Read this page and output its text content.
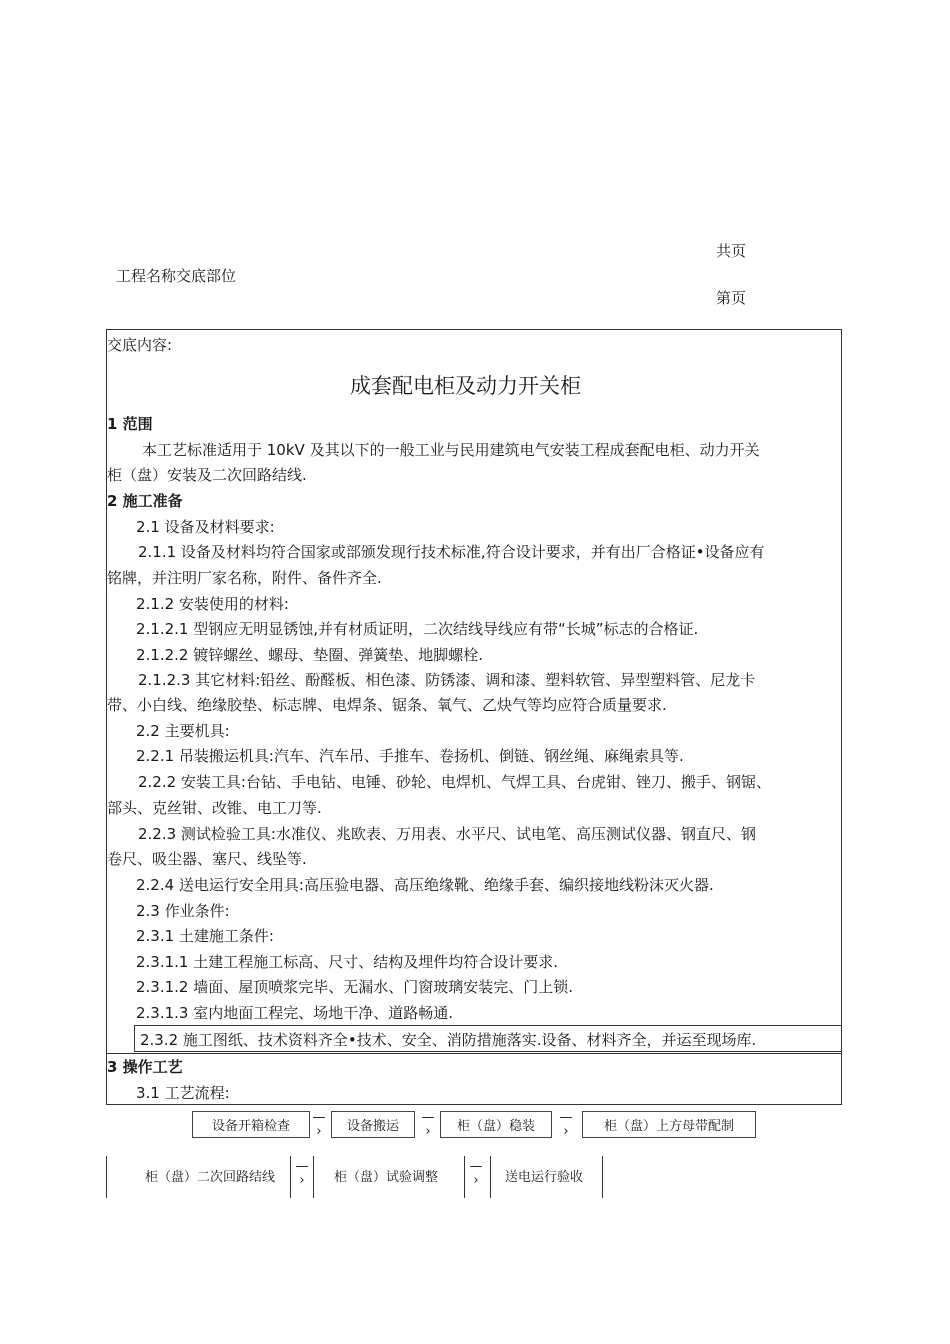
共页
工程名称交底部位
第页
交底内容:
成套配电柜及动力开关柜
1 范围
本工艺标准适用于 10kV 及其以下的一般工业与民用建筑电气安装工程成套配电柜、动力开关
柜（盘）安装及二次回路结线.
2 施工准备
2.1 设备及材料要求:
2.1.1 设备及材料均符合国家或部颁发现行技术标准,符合设计要求，并有出厂合格证•设备应有
铭牌，并注明厂家名称，附件、备件齐全.
2.1.2 安装使用的材料:
2.1.2.1 型钢应无明显锈蚀,并有材质证明，二次结线导线应有带“长城”标志的合格证.
2.1.2.2 镀锌螺丝、螺母、垫圈、弹簧垫、地脚螺栓.
2.1.2.3 其它材料:铅丝、酚醛板、相色漆、防锈漆、调和漆、塑料软管、异型塑料管、尼龙卡
带、小白线、绝缘胶垫、标志牌、电焊条、锯条、氧气、乙炔气等均应符合质量要求.
2.2 主要机具:
2.2.1 吊装搬运机具:汽车、汽车吊、手推车、卷扬机、倒链、钢丝绳、麻绳索具等.
2.2.2 安装工具:台钻、手电钻、电锤、砂轮、电焊机、气焊工具、台虎钳、锉刀、搬手、钢锯、
部头、克丝钳、改锥、电工刀等.
2.2.3 测试检验工具:水准仪、兆欧表、万用表、水平尺、试电笔、高压测试仪器、钢直尺、钢
卷尺、吸尘器、塞尺、线坠等.
2.2.4 送电运行安全用具:高压验电器、高压绝缘靴、绝缘手套、编织接地线粉沫灭火器.
2.3 作业条件:
2.3.1 土建施工条件:
2.3.1.1 土建工程施工标高、尺寸、结构及埋件均符合设计要求.
2.3.1.2 墙面、屋顶喷浆完毕、无漏水、门窗玻璃安装完、门上锁.
2.3.1.3 室内地面工程完、场地干净、道路畅通.
2.3.2 施工图纸、技术资料齐全•技术、安全、消防措施落实.设备、材料齐全，并运至现场库.
3 操作工艺
3.1 工艺流程:
设备开箱检查
—
›	设备搬运
—
›	柜（盘）稳装
—
›	柜（盘）上方母带配制
柜（盘）二次回路结线
—
›	柜（盘）试验调整
—
›	送电运行验收
